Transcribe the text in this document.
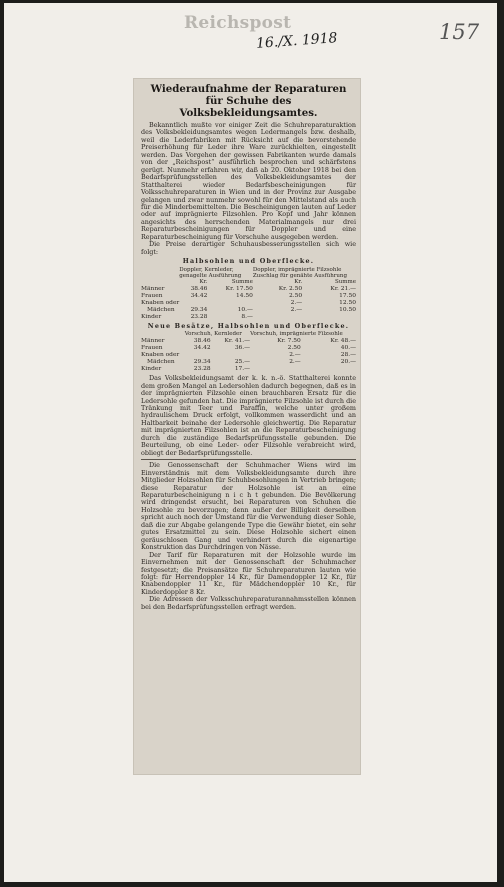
Reichspost
16./X. 1918	157
Wiederaufnahme der Reparaturen für Schuhe des Volksbekleidungsamtes.

Bekanntlich mußte vor einiger Zeit die Schuhreparaturaktion des Volksbekleidungsamtes wegen Ledermangels bzw. deshalb, weil die Lederfabriken mit Rücksicht auf die bevorstehende Preiserhöhung für Leder ihre Ware zurückhielten, eingestellt werden. Das Vorgehen der gewissen Fabrikanten wurde damals von der „Reichspost“ ausführlich besprochen und schärfstens gerügt. Nunmehr erfahren wir, daß ab 20. Oktober 1918 bei den Bedarfsprüfungsstellen des Volksbekleidungsamtes der Statthalterei wieder Bedarfsbescheinigungen für Volksschuhreparaturen in Wien und in der Provinz zur Ausgabe gelangen und zwar nunmehr sowohl für den Mittelstand als auch für die Minderbemittelten. Die Bescheinigungen lauten auf Leder oder auf imprägnierte Filzsohlen. Pro Kopf und Jahr können angesichts des herrschenden Materialmangels nur drei Reparaturbescheinigungen für Doppler und eine Reparaturbescheinigung für Vorschuhe ausgegeben werden.

Die Preise derartiger Schuhausbesserungsstellen sich wie folgt:

Halbsohlen und Oberflecke.
	Doppler, Kernleder, genagelte Ausführung		Doppler, imprägnierte Filzsohle Zuschlag für genähte Ausführung	
	Kr.	Summe	Kr.	Summe
Männer	38.46	Kr. 17.50	Kr. 2.50	Kr. 21.—
Frauen	34.42	14.50	2.50	17.50
Knaben oder			2.—	12.50
Mädchen	29.34	10.—	2.—	10.50
Kinder	23.28	8.—		
Neue Besätze, Halbsohlen und Oberflecke.
	Vorschuh, Kernleder		Vorschuh, imprägnierte Filzsohle	
Männer	38.46	Kr. 41.—	Kr. 7.50	Kr. 48.—
Frauen	34.42	36.—	2.50	40.—
Knaben oder			2.—	28.—
Mädchen	29.34	25.—	2.—	20.—
Kinder	23.28	17.—		

Das Volksbekleidungsamt der k. k. n.-ö. Statthalterei konnte dem großen Mangel an Ledersohlen dadurch begegnen, daß es in der imprägnierten Filzsohle einen brauchbaren Ersatz für die Ledersohle gefunden hat. Die imprägnierte Filzsohle ist durch die Tränkung mit Teer und Paraffin, welche unter großem hydraulischem Druck erfolgt, vollkommen wasserdicht und an Haltbarkeit beinahe der Ledersohle gleichwertig. Die Reparatur mit imprägnierten Filzsohlen ist an die Reparaturbescheinigung durch die zuständige Bedarfsprüfungsstelle gebunden. Die Beurteilung, ob eine Leder- oder Filzsohle verabreicht wird, obliegt der Bedarfsprüfungsstelle.

Die Genossenschaft der Schuhmacher Wiens wird im Einverständnis mit dem Volksbekleidungsamte durch ihre Mitglieder Holzsohlen für Schuhbesohlungen in Vertrieb bringen; diese Reparatur der Holzsohle ist an eine Reparaturbescheinigung n i c h t gebunden. Die Bevölkerung wird dringendst ersucht, bei Reparaturen von Schuhen die Holzsohle zu bevorzugen; denn außer der Billigkeit derselben spricht auch noch der Umstand für die Verwendung dieser Sohle, daß die zur Abgabe gelangende Type die Gewähr bietet, ein sehr gutes Ersatzmittel zu sein. Diese Holzsohle sichert einen geräuschlosen Gang und verhindert durch die eigenartige Konstruktion das Durchdringen von Nässe.

Der Tarif für Reparaturen mit der Holzsohle wurde im Einvernehmen mit der Genossenschaft der Schuhmacher festgesetzt; die Preisansätze für Schuhreparaturen lauten wie folgt: für Herrendoppler 14 Kr., für Damendoppler 12 Kr., für Knabendoppler 11 Kr., für Mädchendoppler 10 Kr., für Kinderdoppler 8 Kr.

Die Adressen der Volksschuhreparaturannahmsstellen können bei den Bedarfsprüfungsstellen erfragt werden.
